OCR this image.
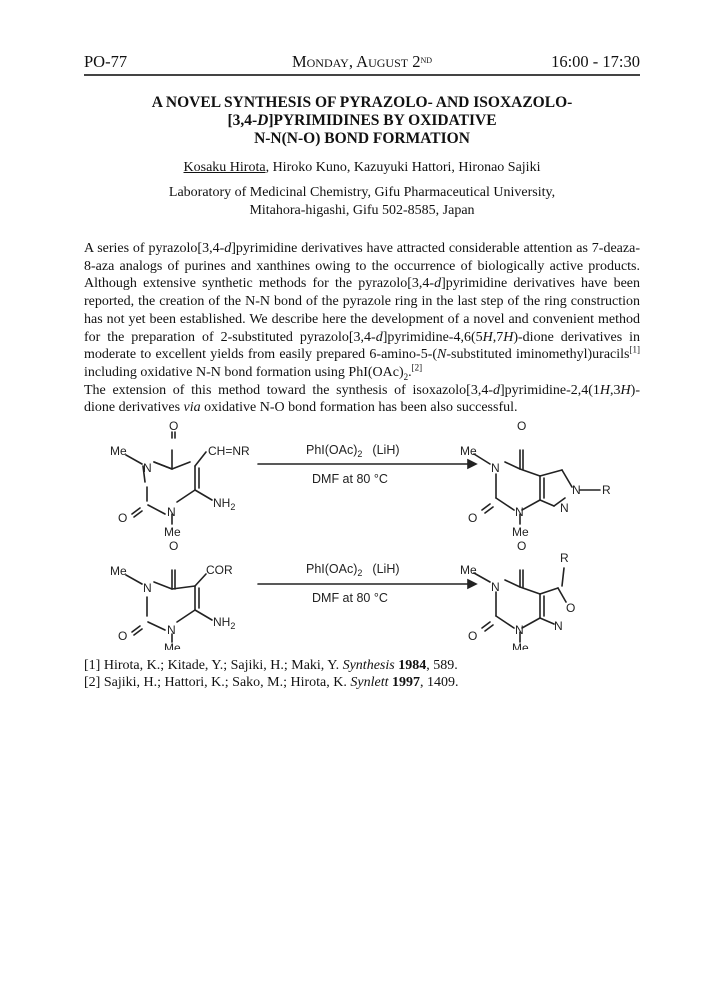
PO-77	Monday, August 2ND	16:00 - 17:30
A NOVEL SYNTHESIS OF PYRAZOLO- AND ISOXAZOLO-
[3,4-D]PYRIMIDINES BY OXIDATIVE
N-N(N-O) BOND FORMATION
Kosaku Hirota, Hiroko Kuno, Kazuyuki Hattori, Hironao Sajiki
Laboratory of Medicinal Chemistry, Gifu Pharmaceutical University,
Mitahora-higashi, Gifu 502-8585, Japan

A series of pyrazolo[3,4-d]pyrimidine derivatives have attracted considerable attention as 7-deaza-8-aza analogs of purines and xanthines owing to the occurrence of biologically active products. Although extensive synthetic methods for the pyrazolo[3,4-d]pyrimidine derivatives have been reported, the creation of the N-N bond of the pyrazole ring in the last step of the ring construction has not yet been established. We describe here the development of a novel and convenient method for the preparation of 2-substituted pyrazolo[3,4-d]pyrimidine-4,6(5H,7H)-dione derivatives in moderate to excellent yields from easily prepared 6-amino-5-(N-substituted iminomethyl)uracils[1] including oxidative N-N bond formation using $PhI(OAc)_2.[2]$

The extension of this method toward the synthesis of isoxazolo[3,4-d]pyrimidine-2,4(1H,3H)-dione derivatives via oxidative N-O bond formation has been also successful.

O
Me
N
CH=NR
O	N
$NH_2$
Me
$PhI(OAc)_2$ (LiH)
DMF at 80 °C
O
Me
N
N R
N
O	N
Me
O
Me
N
COR
O	N
$NH_2$
Me
$PhI(OAc)_2$ (LiH)
DMF at 80 °C
O
R
Me
N
O
N
O	N
Me
[1] Hirota, K.; Kitade, Y.; Sajiki, H.; Maki, Y. Synthesis 1984, 589.
[2] Sajiki, H.; Hattori, K.; Sako, M.; Hirota, K. Synlett 1997, 1409.
